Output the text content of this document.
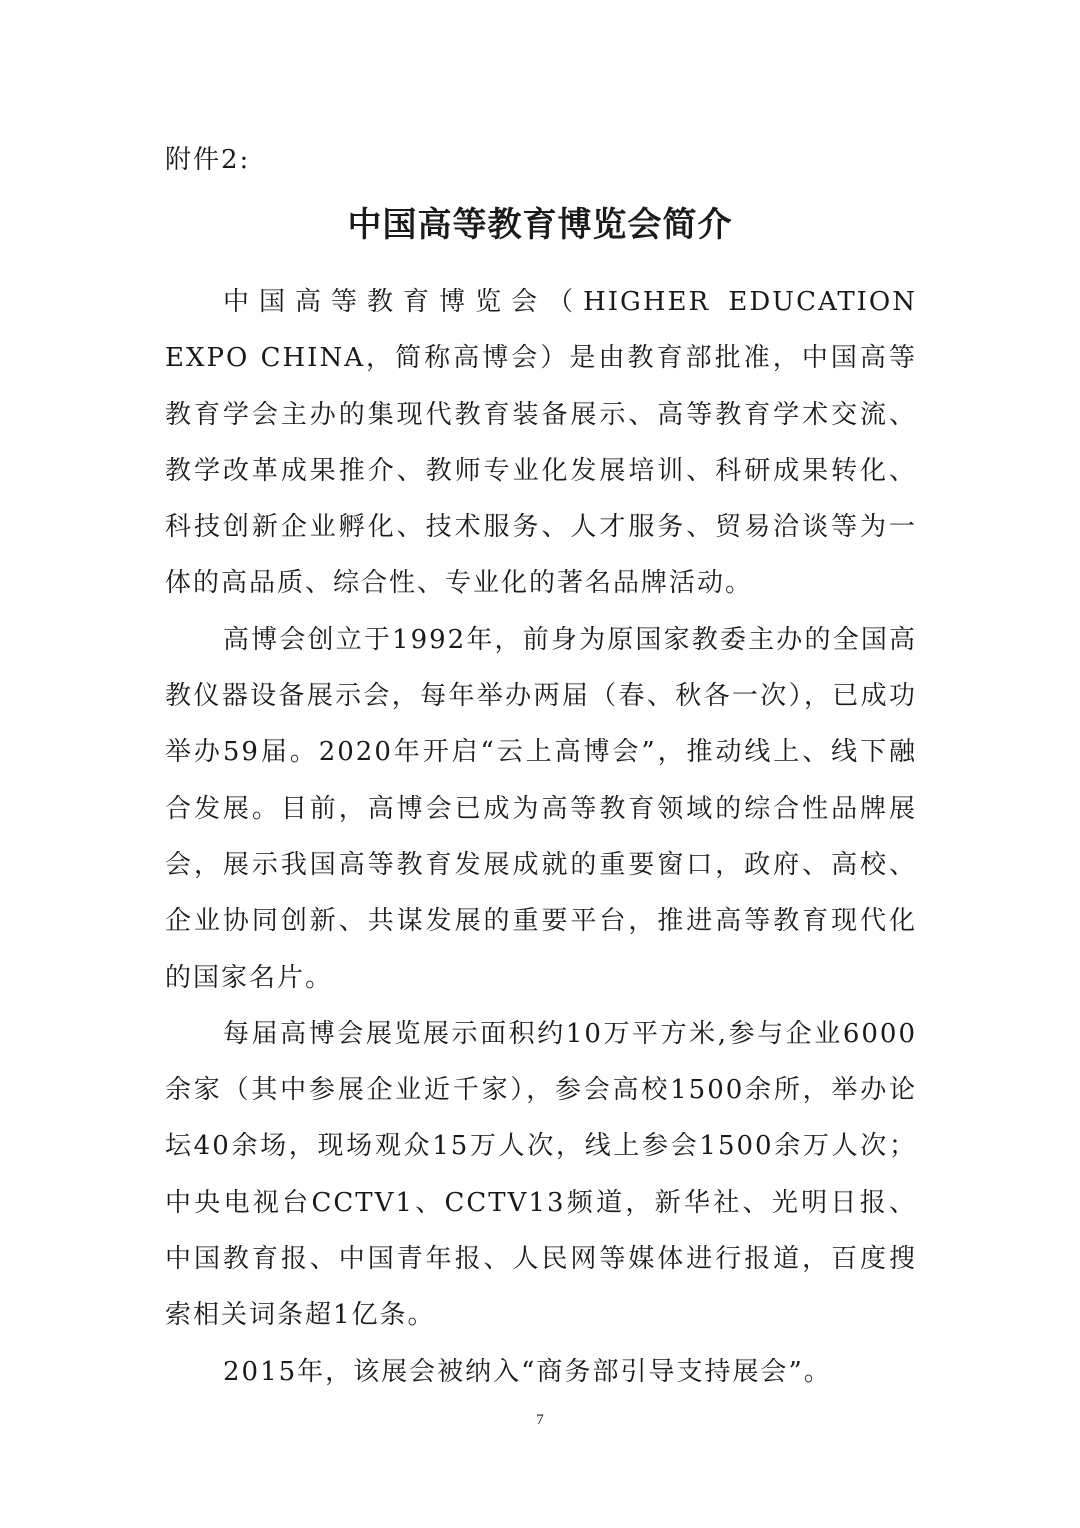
附件2:
中国高等教育博览会简介

中国高等教育博览会（HIGHER EDUCATION EXPO CHINA，简称高博会）是由教育部批准，中国高等教育学会主办的集现代教育装备展示、高等教育学术交流、教学改革成果推介、教师专业化发展培训、科研成果转化、科技创新企业孵化、技术服务、人才服务、贸易洽谈等为一体的高品质、综合性、专业化的著名品牌活动。

高博会创立于1992年，前身为原国家教委主办的全国高教仪器设备展示会，每年举办两届（春、秋各一次），已成功举办59届。2020年开启“云上高博会”，推动线上、线下融合发展。目前，高博会已成为高等教育领域的综合性品牌展会，展示我国高等教育发展成就的重要窗口，政府、高校、企业协同创新、共谋发展的重要平台，推进高等教育现代化的国家名片。

每届高博会展览展示面积约10万平方米,参与企业6000余家（其中参展企业近千家），参会高校1500余所，举办论坛40余场，现场观众15万人次，线上参会1500余万人次；中央电视台CCTV1、CCTV13频道，新华社、光明日报、中国教育报、中国青年报、人民网等媒体进行报道，百度搜索相关词条超1亿条。

2015年，该展会被纳入“商务部引导支持展会”。

7
